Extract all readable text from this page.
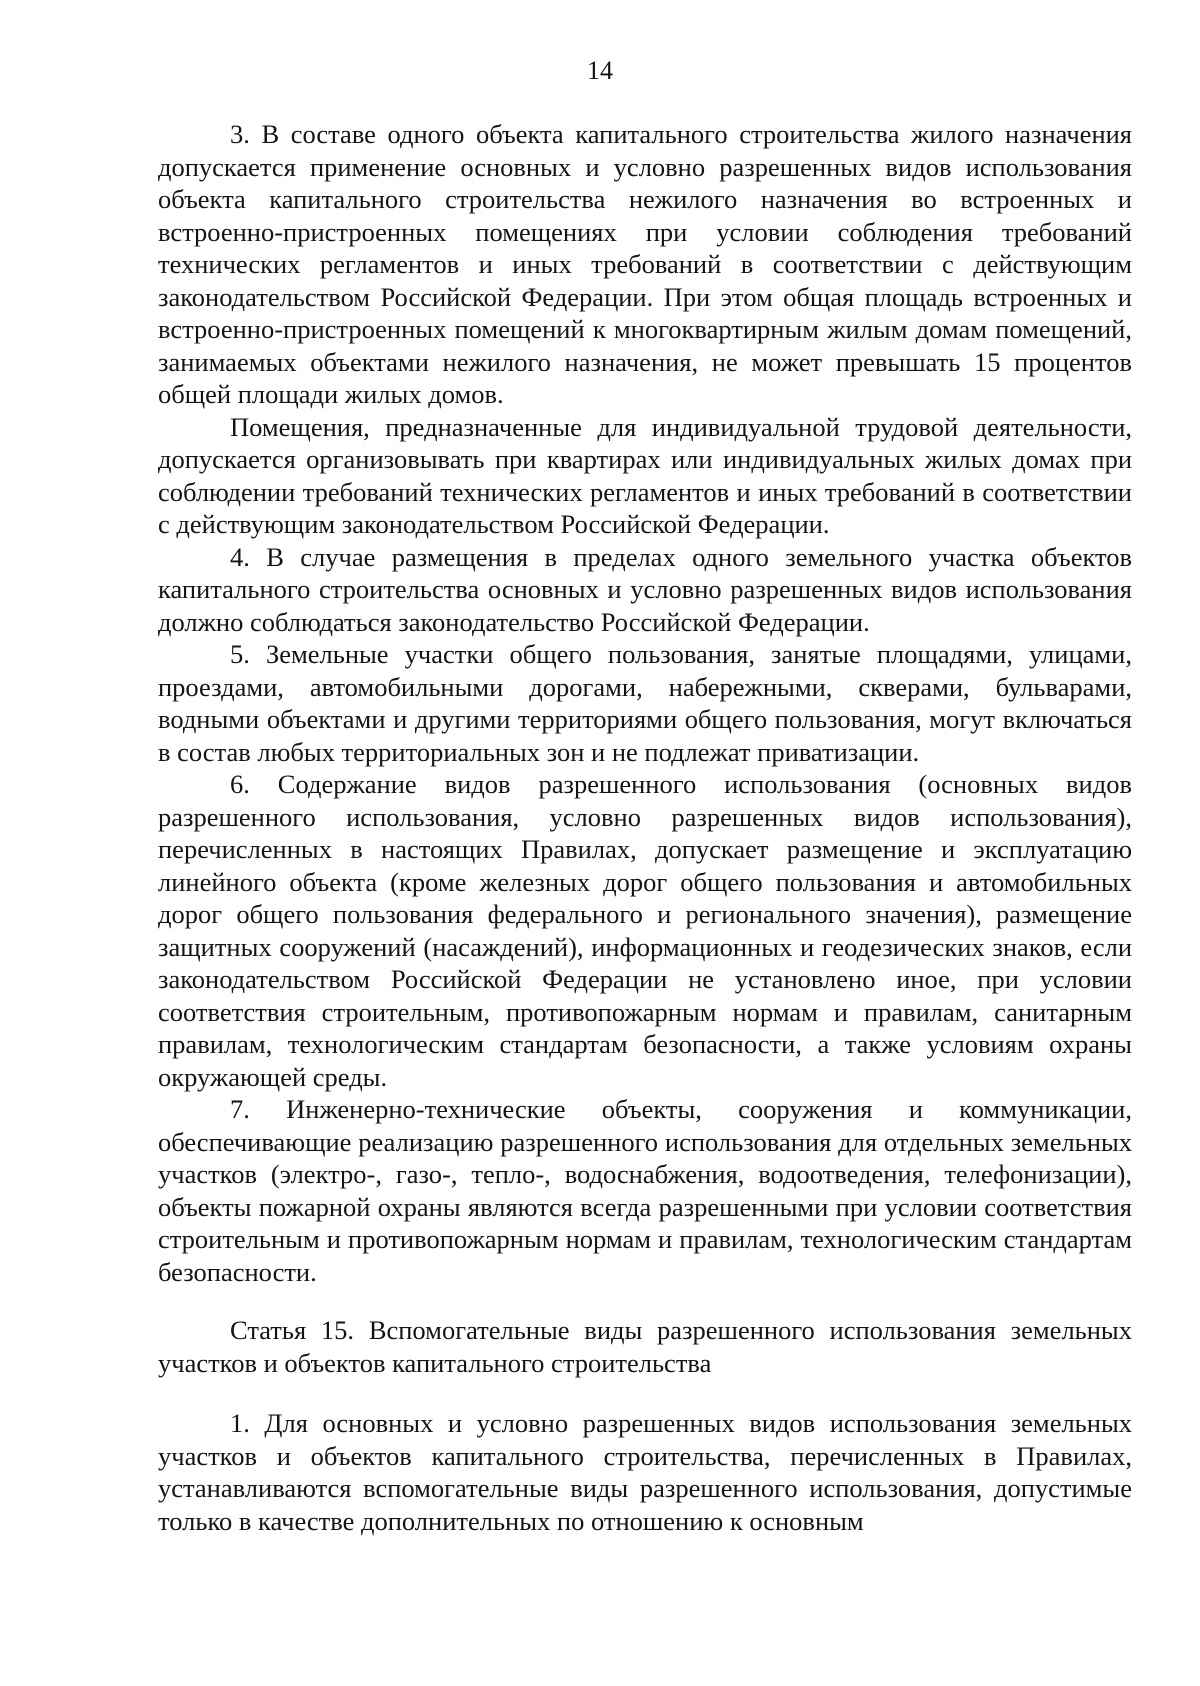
14

3. В составе одного объекта капитального строительства жилого назначения допускается применение основных и условно разрешенных видов использования объекта капитального строительства нежилого назначения во встроенных и встроенно-пристроенных помещениях при условии соблюдения требований технических регламентов и иных требований в соответствии с действующим законодательством Российской Федерации. При этом общая площадь встроенных и встроенно-пристроенных помещений к многоквартирным жилым домам помещений, занимаемых объектами нежилого назначения, не может превышать 15 процентов общей площади жилых домов.

Помещения, предназначенные для индивидуальной трудовой деятельности, допускается организовывать при квартирах или индивидуальных жилых домах при соблюдении требований технических регламентов и иных требований в соответствии с действующим законодательством Российской Федерации.

4. В случае размещения в пределах одного земельного участка объектов капитального строительства основных и условно разрешенных видов использования должно соблюдаться законодательство Российской Федерации.

5. Земельные участки общего пользования, занятые площадями, улицами, проездами, автомобильными дорогами, набережными, скверами, бульварами, водными объектами и другими территориями общего пользования, могут включаться в состав любых территориальных зон и не подлежат приватизации.

6. Содержание видов разрешенного использования (основных видов разрешенного использования, условно разрешенных видов использования), перечисленных в настоящих Правилах, допускает размещение и эксплуатацию линейного объекта (кроме железных дорог общего пользования и автомобильных дорог общего пользования федерального и регионального значения), размещение защитных сооружений (насаждений), информационных и геодезических знаков, если законодательством Российской Федерации не установлено иное, при условии соответствия строительным, противопожарным нормам и правилам, санитарным правилам, технологическим стандартам безопасности, а также условиям охраны окружающей среды.

7. Инженерно-технические объекты, сооружения и коммуникации, обеспечивающие реализацию разрешенного использования для отдельных земельных участков (электро-, газо-, тепло-, водоснабжения, водоотведения, телефонизации), объекты пожарной охраны являются всегда разрешенными при условии соответствия строительным и противопожарным нормам и правилам, технологическим стандартам безопасности.

Статья 15. Вспомогательные виды разрешенного использования земельных участков и объектов капитального строительства

1. Для основных и условно разрешенных видов использования земельных участков и объектов капитального строительства, перечисленных в Правилах, устанавливаются вспомогательные виды разрешенного использования, допустимые только в качестве дополнительных по отношению к основным
